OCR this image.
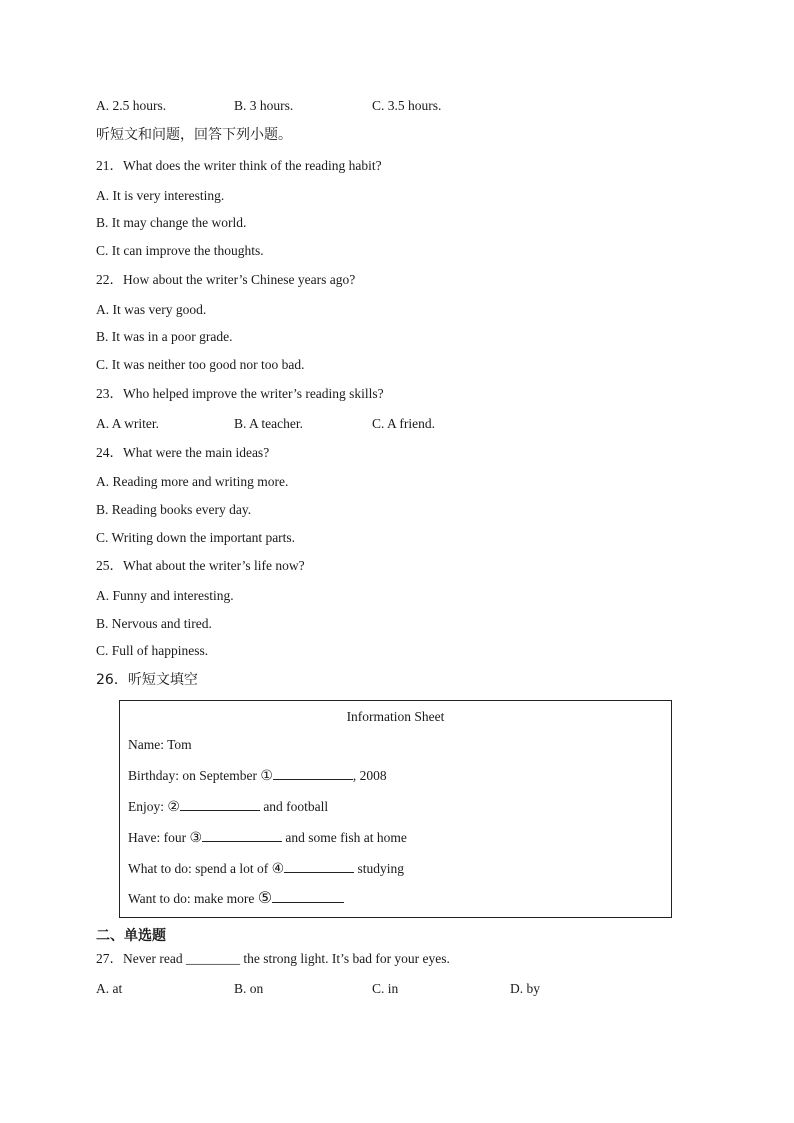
A. 2.5 hours.	B. 3 hours.	C. 3.5 hours.
听短文和问题，回答下列小题。
21．What does the writer think of the reading habit?
A. It is very interesting.
B. It may change the world.
C. It can improve the thoughts.
22．How about the writer’s Chinese years ago?
A. It was very good.
B. It was in a poor grade.
C. It was neither too good nor too bad.
23．Who helped improve the writer’s reading skills?
A. A writer.	B. A teacher.	C. A friend.
24．What were the main ideas?
A. Reading more and writing more.
B. Reading books every day.
C. Writing down the important parts.
25．What about the writer’s life now?
A. Funny and interesting.
B. Nervous and tired.
C. Full of happiness.
26．听短文填空
Information Sheet
Name: Tom
Birthday: on September ①	, 2008
Enjoy: ②	and football
Have: four ③	and some fish at home
What to do: spend a lot of ④	studying
Want to do: make more ⑤
二、单选题
27．Never read ________ the strong light. It’s bad for your eyes.
A. at	B. on	C. in	D. by
